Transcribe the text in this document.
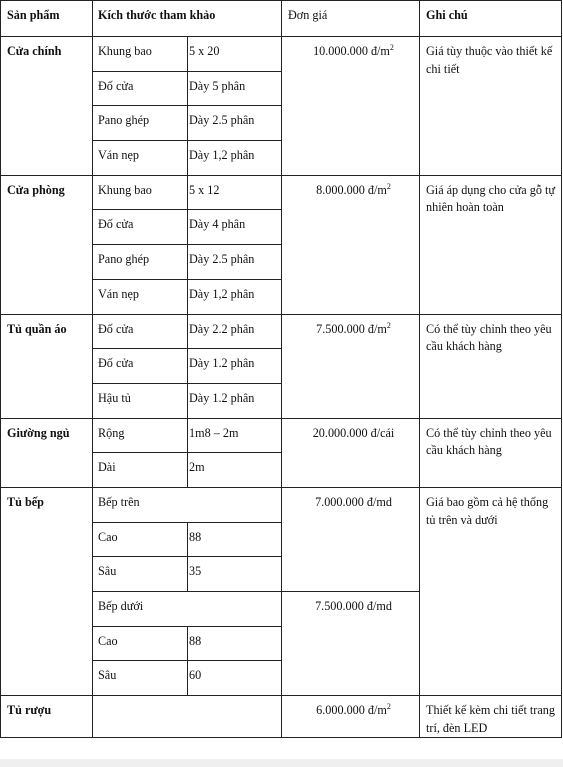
Sản phẩm	Kích thước tham khảo		Đơn giá	Ghi chú

Cửa chính	Khung bao	5 x 20	10.000.000 $đ/m^2$	Giá tùy thuộc vào thiết kế chi tiết

	Đố cửa	Dày 5 phân		

	Pano ghép	Dày 2.5 phân		

	Ván nẹp	Dày 1,2 phân		

Cửa phòng	Khung bao	5 x 12	8.000.000 $đ/m^2$	Giá áp dụng cho cửa gỗ tự nhiên hoàn toàn

	Đố cửa	Dày 4 phân		

	Pano ghép	Dày 2.5 phân		

	Ván nẹp	Dày 1,2 phân		

Tủ quần áo	Đố cửa	Dày 2.2 phân	7.500.000 $đ/m^2$	Có thể tùy chỉnh theo yêu cầu khách hàng

	Đố cửa	Dày 1.2 phân		

	Hậu tủ	Dày 1.2 phân		

Giường ngủ	Rộng	1m8 – 2m	20.000.000 đ/cái	Có thể tùy chỉnh theo yêu cầu khách hàng

	Dài	2m		

Tủ bếp	Bếp trên		7.000.000 đ/md	Giá bao gồm cả hệ thống tủ trên và dưới

	Cao	88		

	Sâu	35		

	Bếp dưới		7.500.000 đ/md	

	Cao	88		

	Sâu	60		

Tủ rượu			6.000.000 $đ/m^2$	Thiết kế kèm chi tiết trang trí, đèn LED
